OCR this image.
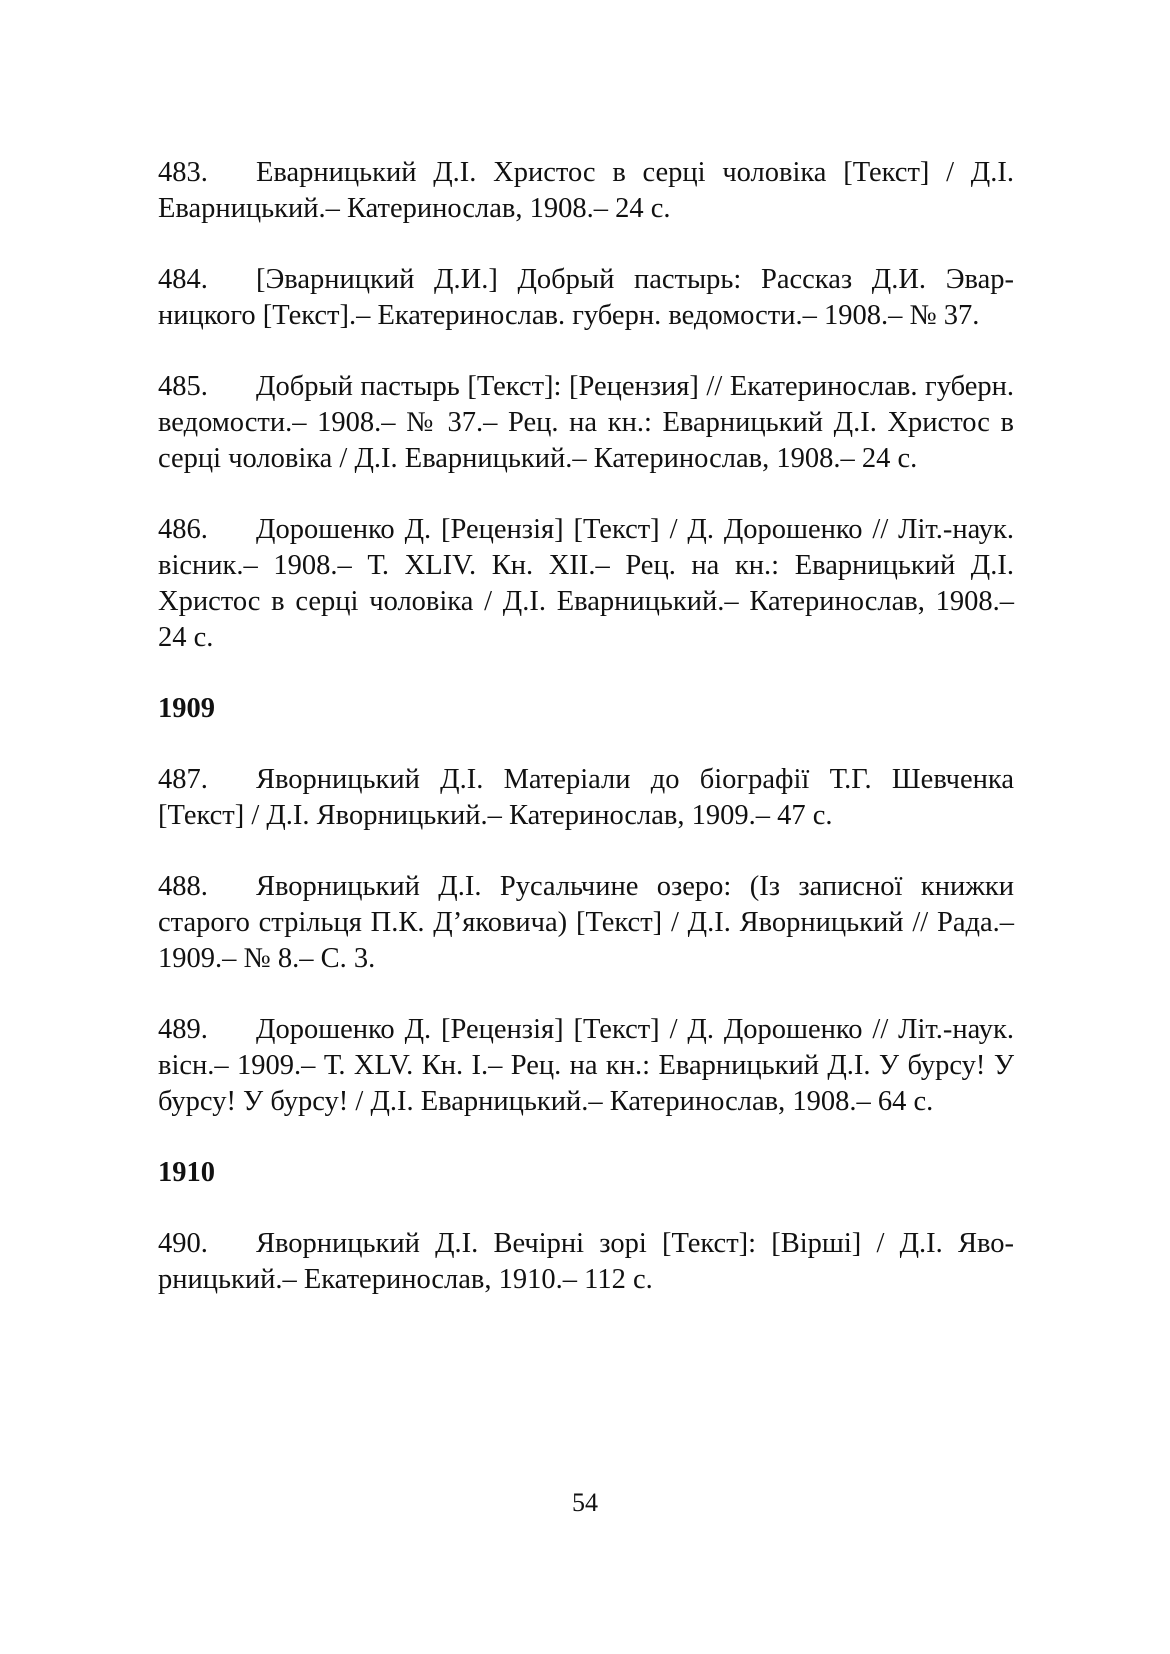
483. Еварницький Д.І. Христос в серці чоловіка [Текст] / Д.І. Еварницький.– Катеринослав, 1908.– 24 с.

484. [Эварницкий Д.И.] Добрый пастырь: Рассказ Д.И. Эварницкого [Текст].– Екатеринослав. губерн. ведомости.– 1908.– № 37.

485. Добрый пастырь [Текст]: [Рецензия] // Екатеринослав. губерн. ведомости.– 1908.– № 37.– Рец. на кн.: Еварницький Д.І. Христос в серці чоловіка / Д.І. Еварницький.– Катеринослав, 1908.– 24 с.

486. Дорошенко Д. [Рецензія] [Текст] / Д. Дорошенко // Літ.-наук. вісник.– 1908.– Т. XLIV. Кн. XII.– Рец. на кн.: Еварницький Д.І. Христос в серці чоловіка / Д.І. Еварницький.– Катеринослав, 1908.– 24 с.

1909

487. Яворницький Д.І. Матеріали до біографії Т.Г. Шевченка [Текст] / Д.І. Яворницький.– Катеринослав, 1909.– 47 с.

488. Яворницький Д.І. Русальчине озеро: (Із записної книжки старого стрільця П.К. Д’яковича) [Текст] / Д.І. Яворницький // Рада.– 1909.– № 8.– С. 3.

489. Дорошенко Д. [Рецензія] [Текст] / Д. Дорошенко // Літ.-наук. вісн.– 1909.– Т. XLV. Кн. І.– Рец. на кн.: Еварницький Д.І. У бурсу! У бурсу! У бурсу! / Д.І. Еварницький.– Катеринослав, 1908.– 64 с.

1910

490. Яворницький Д.І. Вечірні зорі [Текст]: [Вірші] / Д.І. Яворницький.– Екатеринослав, 1910.– 112 с.

54
